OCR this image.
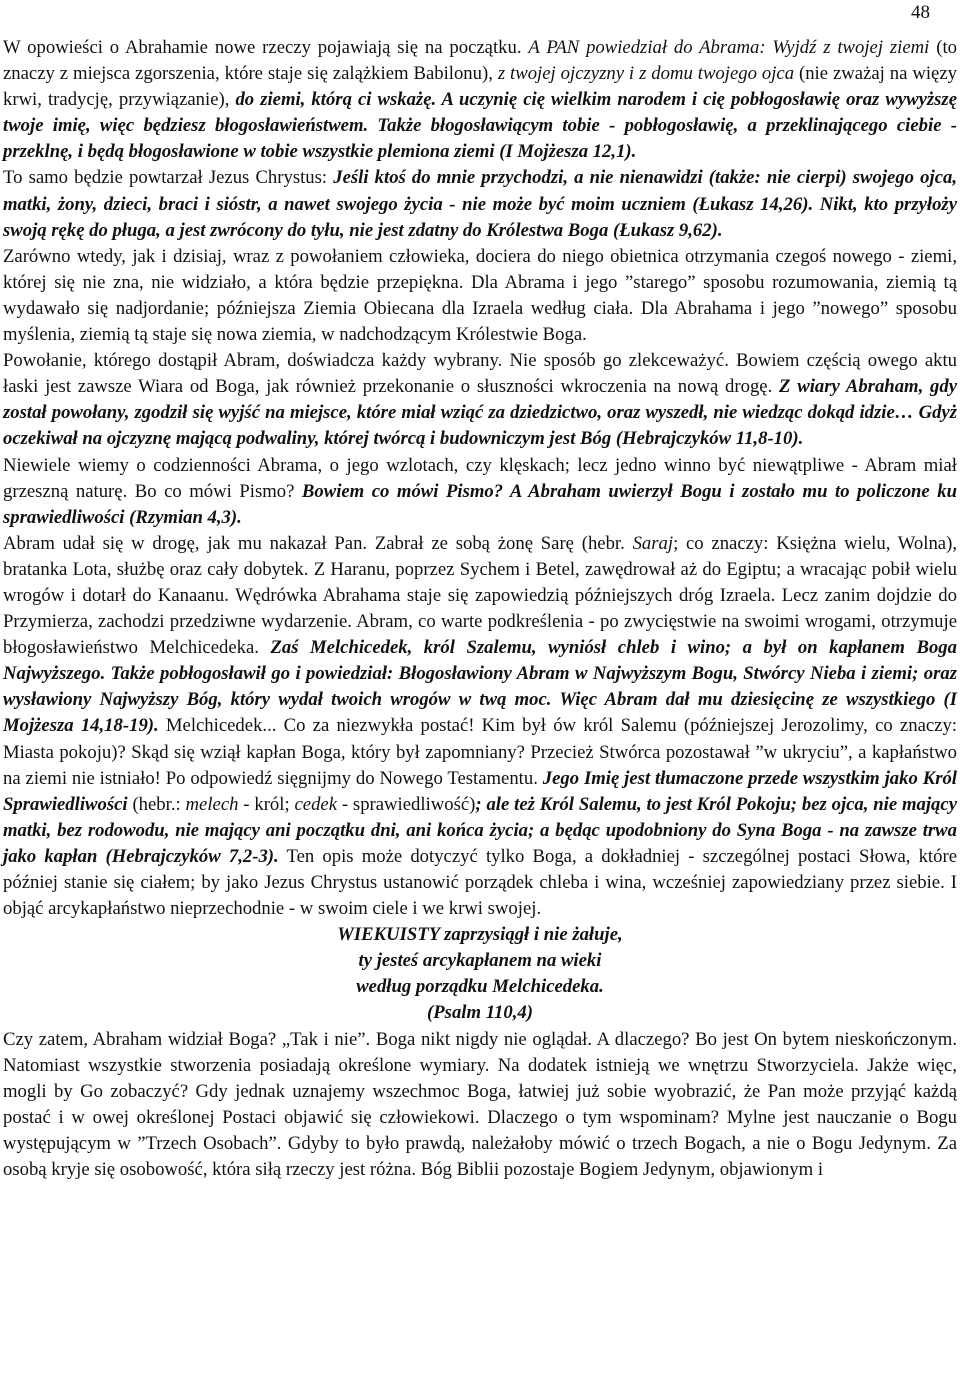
48

W opowieści o Abrahamie nowe rzeczy pojawiają się na początku. A PAN powiedział do Abrama: Wyjdź z twojej ziemi (to znaczy z miejsca zgorszenia, które staje się zalążkiem Babilonu), z twojej ojczyzny i z domu twojego ojca (nie zważaj na więzy krwi, tradycję, przywiązanie), do ziemi, którą ci wskażę. A uczynię cię wielkim narodem i cię pobłogosławię oraz wywyższę twoje imię, więc będziesz błogosławieństwem. Także błogosławiącym tobie - pobłogosławię, a przeklinającego ciebie - przeklnę, i będą błogosławione w tobie wszystkie plemiona ziemi (I Mojżesza 12,1).

To samo będzie powtarzał Jezus Chrystus: Jeśli ktoś do mnie przychodzi, a nie nienawidzi (także: nie cierpi) swojego ojca, matki, żony, dzieci, braci i sióstr, a nawet swojego życia - nie może być moim uczniem (Łukasz 14,26). Nikt, kto przyłoży swoją rękę do pługa, a jest zwrócony do tyłu, nie jest zdatny do Królestwa Boga (Łukasz 9,62).

Zarówno wtedy, jak i dzisiaj, wraz z powołaniem człowieka, dociera do niego obietnica otrzymania czegoś nowego - ziemi, której się nie zna, nie widziało, a która będzie przepiękna. Dla Abrama i jego ”starego” sposobu rozumowania, ziemią tą wydawało się nadjordanie; późniejsza Ziemia Obiecana dla Izraela według ciała. Dla Abrahama i jego ”nowego” sposobu myślenia, ziemią tą staje się nowa ziemia, w nadchodzącym Królestwie Boga.

Powołanie, którego dostąpił Abram, doświadcza każdy wybrany. Nie sposób go zlekceważyć. Bowiem częścią owego aktu łaski jest zawsze Wiara od Boga, jak również przekonanie o słuszności wkroczenia na nową drogę. Z wiary Abraham, gdy został powołany, zgodził się wyjść na miejsce, które miał wziąć za dziedzictwo, oraz wyszedł, nie wiedząc dokąd idzie… Gdyż oczekiwał na ojczyznę mającą podwaliny, której twórcą i budowniczym jest Bóg (Hebrajczyków 11,8-10).

Niewiele wiemy o codzienności Abrama, o jego wzlotach, czy klęskach; lecz jedno winno być niewątpliwe - Abram miał grzeszną naturę. Bo co mówi Pismo? Bowiem co mówi Pismo? A Abraham uwierzył Bogu i zostało mu to policzone ku sprawiedliwości (Rzymian 4,3).

Abram udał się w drogę, jak mu nakazał Pan. Zabrał ze sobą żonę Sarę (hebr. Saraj; co znaczy: Księżna wielu, Wolna), bratanka Lota, służbę oraz cały dobytek. Z Haranu, poprzez Sychem i Betel, zawędrował aż do Egiptu; a wracając pobił wielu wrogów i dotarł do Kanaanu. Wędrówka Abrahama staje się zapowiedzią późniejszych dróg Izraela. Lecz zanim dojdzie do Przymierza, zachodzi przedziwne wydarzenie. Abram, co warte podkreślenia - po zwycięstwie na swoimi wrogami, otrzymuje błogosławieństwo Melchicedeka. Zaś Melchicedek, król Szalemu, wyniósł chleb i wino; a był on kapłanem Boga Najwyższego. Także pobłogosławił go i powiedział: Błogosławiony Abram w Najwyższym Bogu, Stwórcy Nieba i ziemi; oraz wysławiony Najwyższy Bóg, który wydał twoich wrogów w twą moc. Więc Abram dał mu dziesięcinę ze wszystkiego (I Mojżesza 14,18-19). Melchicedek... Co za niezwykła postać! Kim był ów król Salemu (późniejszej Jerozolimy, co znaczy: Miasta pokoju)? Skąd się wziął kapłan Boga, który był zapomniany? Przecież Stwórca pozostawał ”w ukryciu”, a kapłaństwo na ziemi nie istniało! Po odpowiedź sięgnijmy do Nowego Testamentu. Jego Imię jest tłumaczone przede wszystkim jako Król Sprawiedliwości (hebr.: melech - król; cedek - sprawiedliwość); ale też Król Salemu, to jest Król Pokoju; bez ojca, nie mający matki, bez rodowodu, nie mający ani początku dni, ani końca życia; a będąc upodobniony do Syna Boga - na zawsze trwa jako kapłan (Hebrajczyków 7,2-3). Ten opis może dotyczyć tylko Boga, a dokładniej - szczególnej postaci Słowa, które później stanie się ciałem; by jako Jezus Chrystus ustanowić porządek chleba i wina, wcześniej zapowiedziany przez siebie. I objąć arcykapłaństwo nieprzechodnie - w swoim ciele i we krwi swojej.

WIEKUISTY zaprzysiągł i nie żałuje,

ty jesteś arcykapłanem na wieki

według porządku Melchicedeka.

(Psalm 110,4)

Czy zatem, Abraham widział Boga? „Tak i nie”. Boga nikt nigdy nie oglądał. A dlaczego? Bo jest On bytem nieskończonym. Natomiast wszystkie stworzenia posiadają określone wymiary. Na dodatek istnieją we wnętrzu Stworzyciela. Jakże więc, mogli by Go zobaczyć? Gdy jednak uznajemy wszechmoc Boga, łatwiej już sobie wyobrazić, że Pan może przyjąć każdą postać i w owej określonej Postaci objawić się człowiekowi. Dlaczego o tym wspominam? Mylne jest nauczanie o Bogu występującym w ”Trzech Osobach”. Gdyby to było prawdą, należałoby mówić o trzech Bogach, a nie o Bogu Jedynym. Za osobą kryje się osobowość, która siłą rzeczy jest różna. Bóg Biblii pozostaje Bogiem Jedynym, objawionym i
